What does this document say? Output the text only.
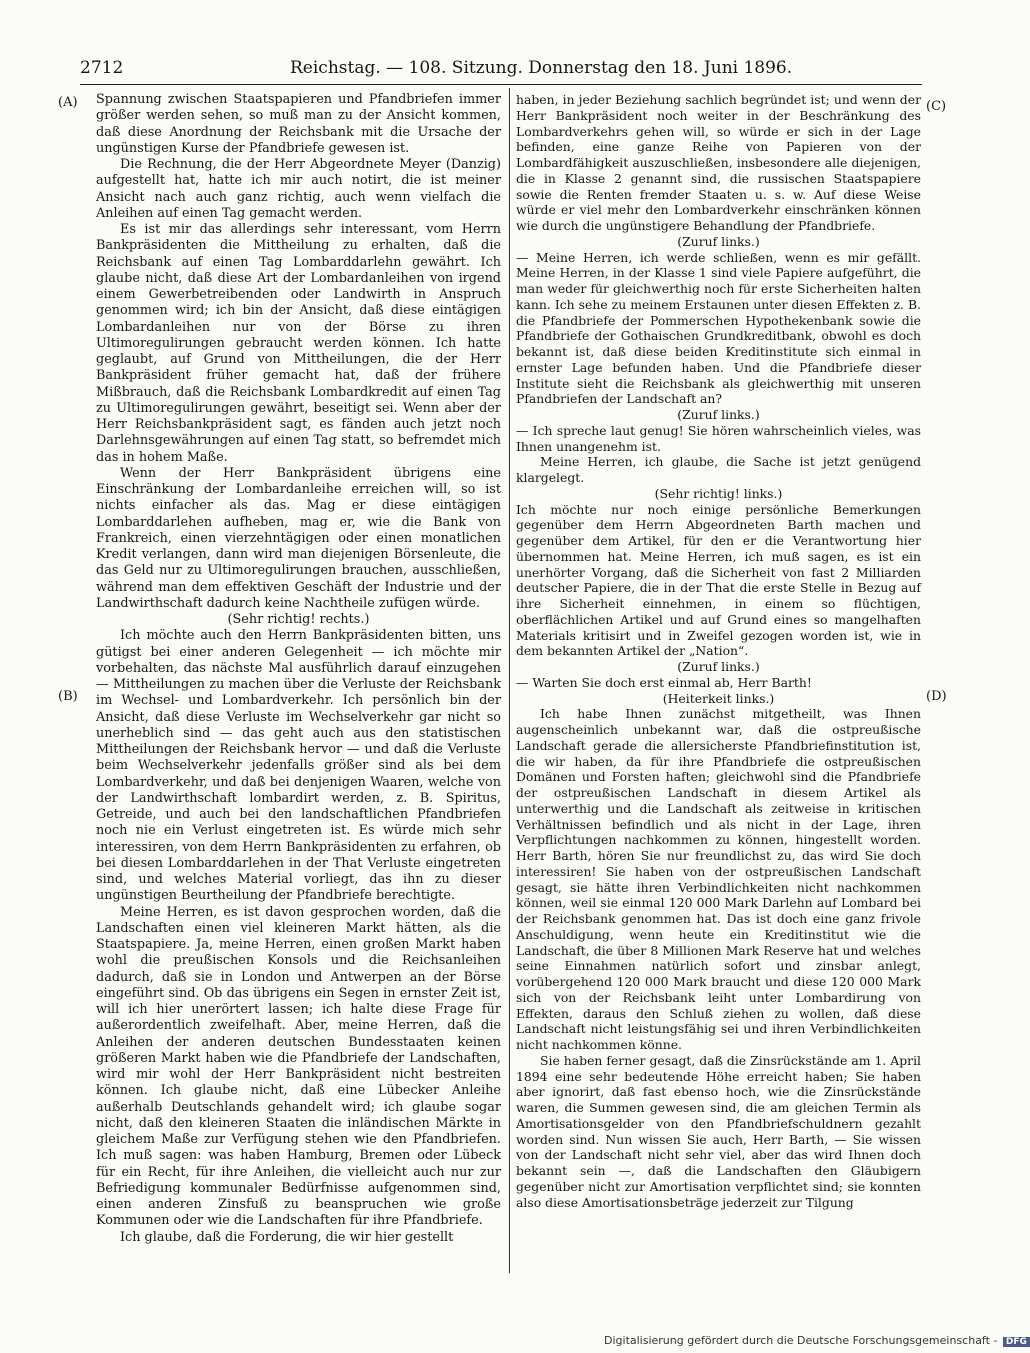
2712	Reichstag. — 108. Sitzung. Donnerstag den 18. Juni 1896.
(A)
(B)
(C)
(D)

Spannung zwischen Staatspapieren und Pfandbriefen immer größer werden sehen, so muß man zu der Ansicht kommen, daß diese Anordnung der Reichsbank mit die Ursache der ungünstigen Kurse der Pfandbriefe gewesen ist.

Die Rechnung, die der Herr Abgeordnete Meyer (Danzig) aufgestellt hat, hatte ich mir auch notirt, die ist meiner Ansicht nach auch ganz richtig, auch wenn vielfach die Anleihen auf einen Tag gemacht werden.

Es ist mir das allerdings sehr interessant, vom Herrn Bankpräsidenten die Mittheilung zu erhalten, daß die Reichsbank auf einen Tag Lombarddarlehn gewährt. Ich glaube nicht, daß diese Art der Lombardanleihen von irgend einem Gewerbetreibenden oder Landwirth in Anspruch genommen wird; ich bin der Ansicht, daß diese eintägigen Lombardanleihen nur von der Börse zu ihren Ultimoregulirungen gebraucht werden können. Ich hatte geglaubt, auf Grund von Mittheilungen, die der Herr Bankpräsident früher gemacht hat, daß der frühere Mißbrauch, daß die Reichsbank Lombardkredit auf einen Tag zu Ultimoregulirungen gewährt, beseitigt sei. Wenn aber der Herr Reichsbankpräsident sagt, es fänden auch jetzt noch Darlehnsgewährungen auf einen Tag statt, so befremdet mich das in hohem Maße.

Wenn der Herr Bankpräsident übrigens eine Einschränkung der Lombardanleihe erreichen will, so ist nichts einfacher als das. Mag er diese eintägigen Lombarddarlehen aufheben, mag er, wie die Bank von Frankreich, einen vierzehntägigen oder einen monatlichen Kredit verlangen, dann wird man diejenigen Börsenleute, die das Geld nur zu Ultimoregulirungen brauchen, ausschließen, während man dem effektiven Geschäft der Industrie und der Landwirthschaft dadurch keine Nachtheile zufügen würde.

(Sehr richtig! rechts.)

Ich möchte auch den Herrn Bankpräsidenten bitten, uns gütigst bei einer anderen Gelegenheit — ich möchte mir vorbehalten, das nächste Mal ausführlich darauf einzugehen — Mittheilungen zu machen über die Verluste der Reichsbank im Wechsel- und Lombardverkehr. Ich persönlich bin der Ansicht, daß diese Verluste im Wechselverkehr gar nicht so unerheblich sind — das geht auch aus den statistischen Mittheilungen der Reichsbank hervor — und daß die Verluste beim Wechselverkehr jedenfalls größer sind als bei dem Lombardverkehr, und daß bei denjenigen Waaren, welche von der Landwirthschaft lombardirt werden, z. B. Spiritus, Getreide, und auch bei den landschaftlichen Pfandbriefen noch nie ein Verlust eingetreten ist. Es würde mich sehr interessiren, von dem Herrn Bankpräsidenten zu erfahren, ob bei diesen Lombarddarlehen in der That Verluste eingetreten sind, und welches Material vorliegt, das ihn zu dieser ungünstigen Beurtheilung der Pfandbriefe berechtigte.

Meine Herren, es ist davon gesprochen worden, daß die Landschaften einen viel kleineren Markt hätten, als die Staatspapiere. Ja, meine Herren, einen großen Markt haben wohl die preußischen Konsols und die Reichsanleihen dadurch, daß sie in London und Antwerpen an der Börse eingeführt sind. Ob das übrigens ein Segen in ernster Zeit ist, will ich hier unerörtert lassen; ich halte diese Frage für außerordentlich zweifelhaft. Aber, meine Herren, daß die Anleihen der anderen deutschen Bundesstaaten keinen größeren Markt haben wie die Pfandbriefe der Landschaften, wird mir wohl der Herr Bankpräsident nicht bestreiten können. Ich glaube nicht, daß eine Lübecker Anleihe außerhalb Deutschlands gehandelt wird; ich glaube sogar nicht, daß den kleineren Staaten die inländischen Märkte in gleichem Maße zur Verfügung stehen wie den Pfandbriefen. Ich muß sagen: was haben Hamburg, Bremen oder Lübeck für ein Recht, für ihre Anleihen, die vielleicht auch nur zur Befriedigung kommunaler Bedürfnisse aufgenommen sind, einen anderen Zinsfuß zu beanspruchen wie große Kommunen oder wie die Landschaften für ihre Pfandbriefe.

Ich glaube, daß die Forderung, die wir hier gestellt

haben, in jeder Beziehung sachlich begründet ist; und wenn der Herr Bankpräsident noch weiter in der Beschränkung des Lombardverkehrs gehen will, so würde er sich in der Lage befinden, eine ganze Reihe von Papieren von der Lombardfähigkeit auszuschließen, insbesondere alle diejenigen, die in Klasse 2 genannt sind, die russischen Staatspapiere sowie die Renten fremder Staaten u. s. w. Auf diese Weise würde er viel mehr den Lombardverkehr einschränken können wie durch die ungünstigere Behandlung der Pfandbriefe.

(Zuruf links.)

— Meine Herren, ich werde schließen, wenn es mir gefällt. Meine Herren, in der Klasse 1 sind viele Papiere aufgeführt, die man weder für gleichwerthig noch für erste Sicherheiten halten kann. Ich sehe zu meinem Erstaunen unter diesen Effekten z. B. die Pfandbriefe der Pommerschen Hypothekenbank sowie die Pfandbriefe der Gothaischen Grundkreditbank, obwohl es doch bekannt ist, daß diese beiden Kreditinstitute sich einmal in ernster Lage befunden haben. Und die Pfandbriefe dieser Institute sieht die Reichsbank als gleichwerthig mit unseren Pfandbriefen der Landschaft an?

(Zuruf links.)

— Ich spreche laut genug! Sie hören wahrscheinlich vieles, was Ihnen unangenehm ist.

Meine Herren, ich glaube, die Sache ist jetzt genügend klargelegt.

(Sehr richtig! links.)

Ich möchte nur noch einige persönliche Bemerkungen gegenüber dem Herrn Abgeordneten Barth machen und gegenüber dem Artikel, für den er die Verantwortung hier übernommen hat. Meine Herren, ich muß sagen, es ist ein unerhörter Vorgang, daß die Sicherheit von fast 2 Milliarden deutscher Papiere, die in der That die erste Stelle in Bezug auf ihre Sicherheit einnehmen, in einem so flüchtigen, oberflächlichen Artikel und auf Grund eines so mangelhaften Materials kritisirt und in Zweifel gezogen worden ist, wie in dem bekannten Artikel der „Nation“.

(Zuruf links.)

— Warten Sie doch erst einmal ab, Herr Barth!

(Heiterkeit links.)

Ich habe Ihnen zunächst mitgetheilt, was Ihnen augenscheinlich unbekannt war, daß die ostpreußische Landschaft gerade die allersicherste Pfandbriefinstitution ist, die wir haben, da für ihre Pfandbriefe die ostpreußischen Domänen und Forsten haften; gleichwohl sind die Pfandbriefe der ostpreußischen Landschaft in diesem Artikel als unterwerthig und die Landschaft als zeitweise in kritischen Verhältnissen befindlich und als nicht in der Lage, ihren Verpflichtungen nachkommen zu können, hingestellt worden. Herr Barth, hören Sie nur freundlichst zu, das wird Sie doch interessiren! Sie haben von der ostpreußischen Landschaft gesagt, sie hätte ihren Verbindlichkeiten nicht nachkommen können, weil sie einmal 120 000 Mark Darlehn auf Lombard bei der Reichsbank genommen hat. Das ist doch eine ganz frivole Anschuldigung, wenn heute ein Kreditinstitut wie die Landschaft, die über 8 Millionen Mark Reserve hat und welches seine Einnahmen natürlich sofort und zinsbar anlegt, vorübergehend 120 000 Mark braucht und diese 120 000 Mark sich von der Reichsbank leiht unter Lombardirung von Effekten, daraus den Schluß ziehen zu wollen, daß diese Landschaft nicht leistungsfähig sei und ihren Verbindlichkeiten nicht nachkommen könne.

Sie haben ferner gesagt, daß die Zinsrückstände am 1. April 1894 eine sehr bedeutende Höhe erreicht haben; Sie haben aber ignorirt, daß fast ebenso hoch, wie die Zinsrückstände waren, die Summen gewesen sind, die am gleichen Termin als Amortisationsgelder von den Pfandbriefschuldnern gezahlt worden sind. Nun wissen Sie auch, Herr Barth, — Sie wissen von der Landschaft nicht sehr viel, aber das wird Ihnen doch bekannt sein —, daß die Landschaften den Gläubigern gegenüber nicht zur Amortisation verpflichtet sind; sie konnten also diese Amortisationsbeträge jederzeit zur Tilgung

Digitalisierung gefördert durch die Deutsche Forschungsgemeinschaft - DFG
